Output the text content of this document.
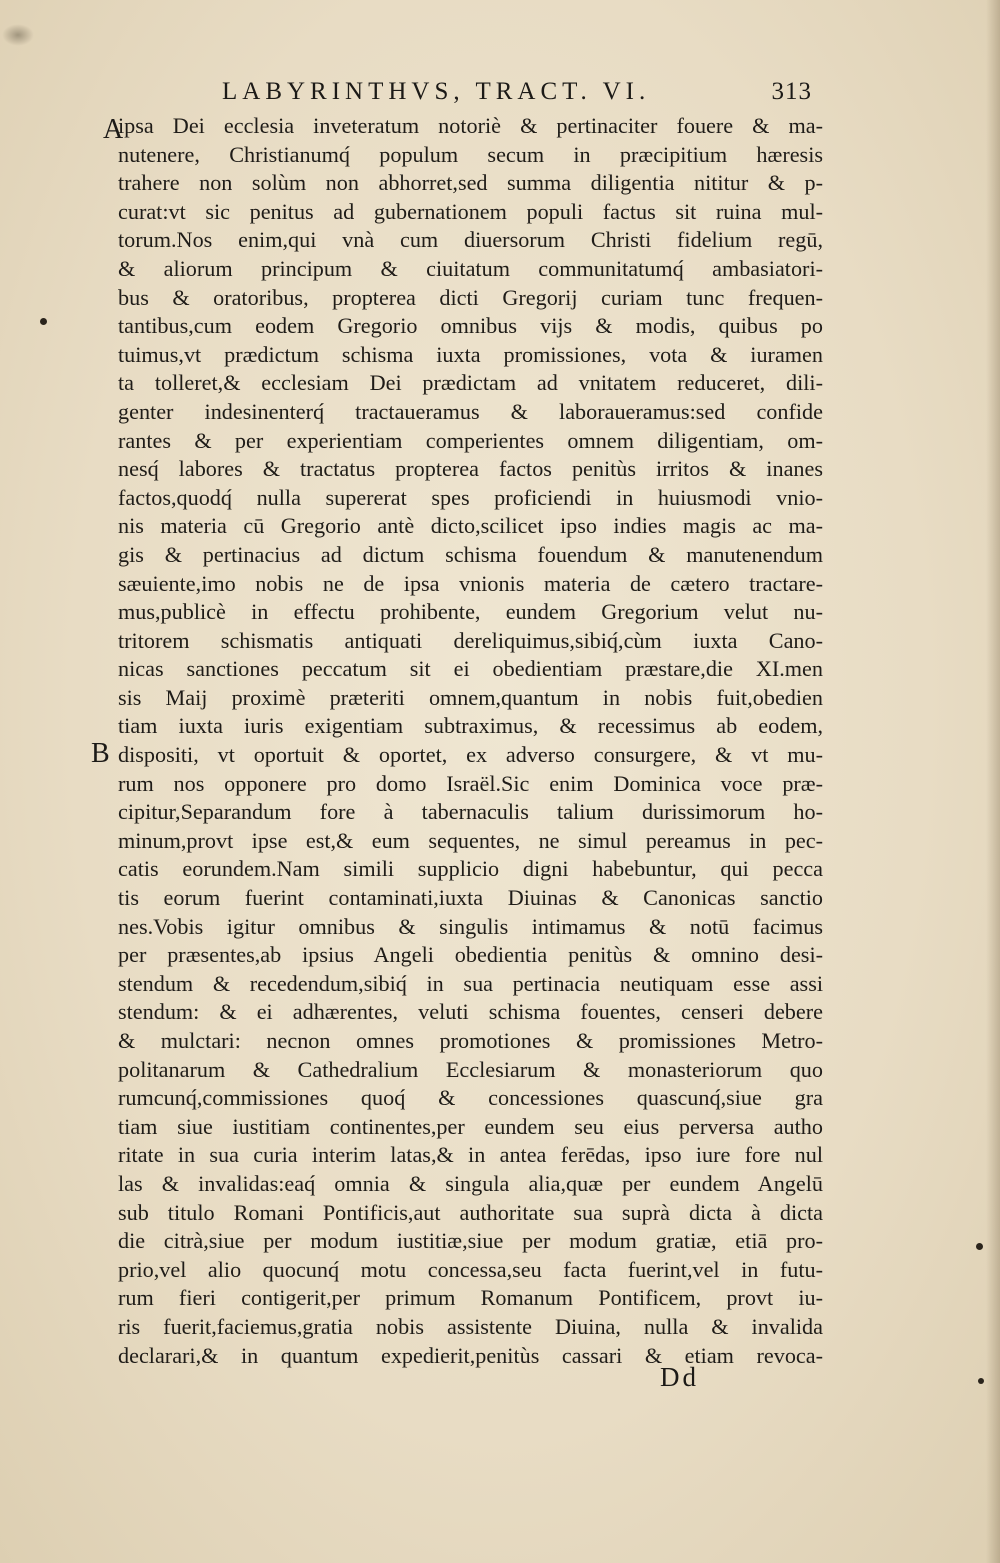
LABYRINTHVS, TRACT. VI.	313
A
B
ipsa Dei ecclesia inveteratum notoriè & pertinaciter fouere & ma-
nutenere, Christianumq́ populum secum in præcipitium hæresis
trahere non solùm non abhorret,sed summa diligentia nititur & p-
curat:vt sic penitus ad gubernationem populi factus sit ruina mul-
torum.Nos enim,qui vnà cum diuersorum Christi fidelium regū,
& aliorum principum & ciuitatum communitatumq́ ambasiatori-
bus & oratoribus, propterea dicti Gregorij curiam tunc frequen-
tantibus,cum eodem Gregorio omnibus vijs & modis, quibus po
tuimus,vt prædictum schisma iuxta promissiones, vota & iuramen
ta tolleret,& ecclesiam Dei prædictam ad vnitatem reduceret, dili-
genter indesinenterq́ tractaueramus & laboraueramus:sed confide
rantes & per experientiam comperientes omnem diligentiam, om-
nesq́ labores & tractatus propterea factos penitùs irritos & inanes
factos,quodq́ nulla supererat spes proficiendi in huiusmodi vnio-
nis materia cū Gregorio antè dicto,scilicet ipso indies magis ac ma-
gis & pertinacius ad dictum schisma fouendum & manutenendum
sæuiente,imo nobis ne de ipsa vnionis materia de cætero tractare-
mus,publicè in effectu prohibente, eundem Gregorium velut nu-
tritorem schismatis antiquati dereliquimus,sibiq́,cùm iuxta Cano-
nicas sanctiones peccatum sit ei obedientiam præstare,die XI.men
sis Maij proximè præteriti omnem,quantum in nobis fuit,obedien
tiam iuxta iuris exigentiam subtraximus, & recessimus ab eodem,
dispositi, vt oportuit & oportet, ex adverso consurgere, & vt mu-
rum nos opponere pro domo Israël.Sic enim Dominica voce præ-
cipitur,Separandum fore à tabernaculis talium durissimorum ho-
minum,provt ipse est,& eum sequentes, ne simul pereamus in pec-
catis eorundem.Nam simili supplicio digni habebuntur, qui pecca
tis eorum fuerint contaminati,iuxta Diuinas & Canonicas sanctio
nes.Vobis igitur omnibus & singulis intimamus & notū facimus
per præsentes,ab ipsius Angeli obedientia penitùs & omnino desi-
stendum & recedendum,sibiq́ in sua pertinacia neutiquam esse assi
stendum: & ei adhærentes, veluti schisma fouentes, censeri debere
& mulctari: necnon omnes promotiones & promissiones Metro-
politanarum & Cathedralium Ecclesiarum & monasteriorum quo
rumcunq́,commissiones quoq́ & concessiones quascunq́,siue gra
tiam siue iustitiam continentes,per eundem seu eius perversa autho
ritate in sua curia interim latas,& in antea ferēdas, ipso iure fore nul
las & invalidas:eaq́ omnia & singula alia,quæ per eundem Angelū
sub titulo Romani Pontificis,aut authoritate sua suprà dicta à dicta
die citrà,siue per modum iustitiæ,siue per modum gratiæ, etiā pro-
prio,vel alio quocunq́ motu concessa,seu facta fuerint,vel in futu-
rum fieri contigerit,per primum Romanum Pontificem, provt iu-
ris fuerit,faciemus,gratia nobis assistente Diuina, nulla & invalida
declarari,& in quantum expedierit,penitùs cassari & etiam revoca-
Dd
